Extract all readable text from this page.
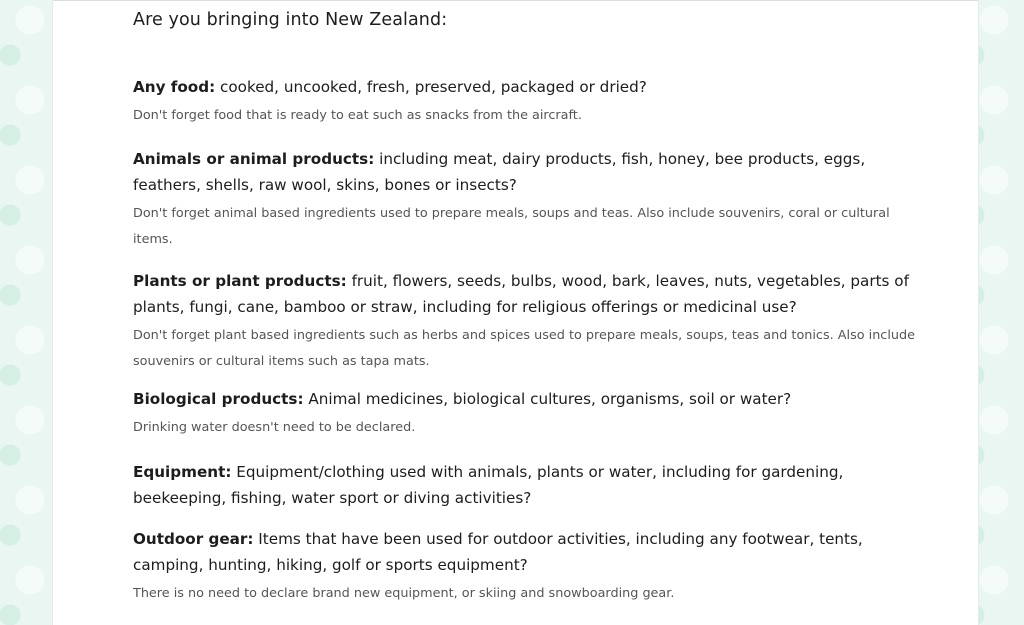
Are you bringing into New Zealand:

Any food: cooked, uncooked, fresh, preserved, packaged or dried?

Don't forget food that is ready to eat such as snacks from the aircraft.

Animals or animal products: including meat, dairy products, fish, honey, bee products, eggs, feathers, shells, raw wool, skins, bones or insects?

Don't forget animal based ingredients used to prepare meals, soups and teas. Also include souvenirs, coral or cultural items.

Plants or plant products: fruit, flowers, seeds, bulbs, wood, bark, leaves, nuts, vegetables, parts of plants, fungi, cane, bamboo or straw, including for religious offerings or medicinal use?

Don't forget plant based ingredients such as herbs and spices used to prepare meals, soups, teas and tonics. Also include souvenirs or cultural items such as tapa mats.

Biological products: Animal medicines, biological cultures, organisms, soil or water?

Drinking water doesn't need to be declared.

Equipment: Equipment/clothing used with animals, plants or water, including for gardening, beekeeping, fishing, water sport or diving activities?

Outdoor gear: Items that have been used for outdoor activities, including any footwear, tents, camping, hunting, hiking, golf or sports equipment?

There is no need to declare brand new equipment, or skiing and snowboarding gear.
